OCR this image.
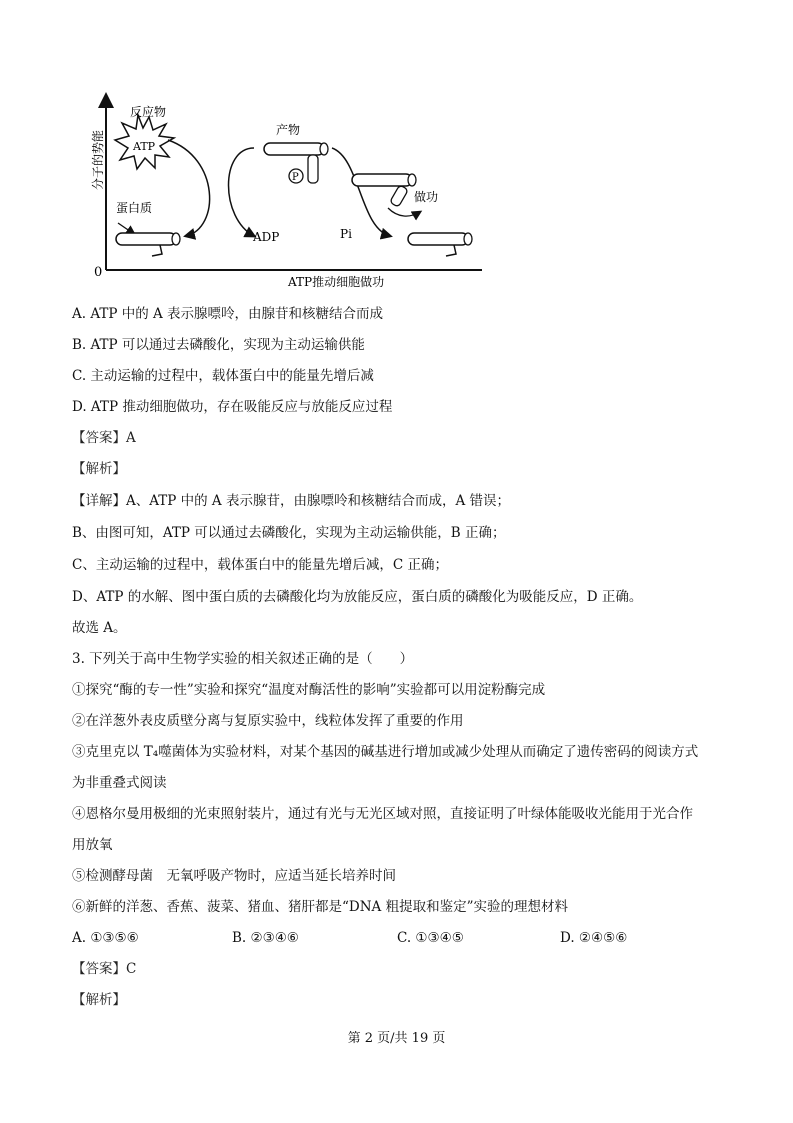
0
分子的势能
ATP推动细胞做功
ATP
反应物
蛋白质
ADP
产物
P
Pi
做功
A. ATP 中的 A 表示腺嘌呤，由腺苷和核糖结合而成
B. ATP 可以通过去磷酸化，实现为主动运输供能
C. 主动运输的过程中，载体蛋白中的能量先增后减
D. ATP 推动细胞做功，存在吸能反应与放能反应过程
【答案】A
【解析】
【详解】A、ATP 中的 A 表示腺苷，由腺嘌呤和核糖结合而成，A 错误；
B、由图可知，ATP 可以通过去磷酸化，实现为主动运输供能，B 正确；
C、主动运输的过程中，载体蛋白中的能量先增后减，C 正确；
D、ATP 的水解、图中蛋白质的去磷酸化均为放能反应，蛋白质的磷酸化为吸能反应，D 正确。
故选 A。
3. 下列关于高中生物学实验的相关叙述正确的是（　　）
①探究“酶的专一性”实验和探究“温度对酶活性的影响”实验都可以用淀粉酶完成
②在洋葱外表皮质壁分离与复原实验中，线粒体发挥了重要的作用
③克里克以 T₄噬菌体为实验材料，对某个基因的碱基进行增加或减少处理从而确定了遗传密码的阅读方式
为非重叠式阅读
④恩格尔曼用极细的光束照射装片，通过有光与无光区域对照，直接证明了叶绿体能吸收光能用于光合作
用放氧
⑤检测酵母菌　无氧呼吸产物时，应适当延长培养时间
⑥新鲜的洋葱、香蕉、菠菜、猪血、猪肝都是“DNA 粗提取和鉴定”实验的理想材料
A. ①③⑤⑥	B. ②③④⑥	C. ①③④⑤	D. ②④⑤⑥
【答案】C
【解析】
第 2 页/共 19 页
